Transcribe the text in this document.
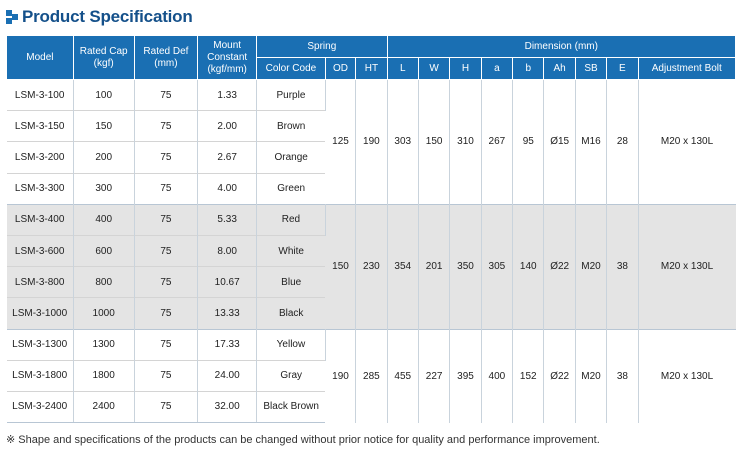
Product Specification
Model	Rated Cap (kgf)	Rated Def (mm)	Mount Constant (kgf/mm)	Spring			Dimension (mm)								
				Color Code	OD	HT	L	W	H	a	b	Ah	SB	E	Adjustment Bolt
LSM-3-100	100	75	1.33	Purple	125	190	303	150	310	267	95	Ø15	M16	28	M20 x 130L
LSM-3-150	150	75	2.00	Brown											
LSM-3-200	200	75	2.67	Orange											
LSM-3-300	300	75	4.00	Green											
LSM-3-400	400	75	5.33	Red	150	230	354	201	350	305	140	Ø22	M20	38	M20 x 130L
LSM-3-600	600	75	8.00	White											
LSM-3-800	800	75	10.67	Blue											
LSM-3-1000	1000	75	13.33	Black											
LSM-3-1300	1300	75	17.33	Yellow	190	285	455	227	395	400	152	Ø22	M20	38	M20 x 130L
LSM-3-1800	1800	75	24.00	Gray											
LSM-3-2400	2400	75	32.00	Black Brown											
※ Shape and specifications of the products can be changed without prior notice for quality and performance improvement.
